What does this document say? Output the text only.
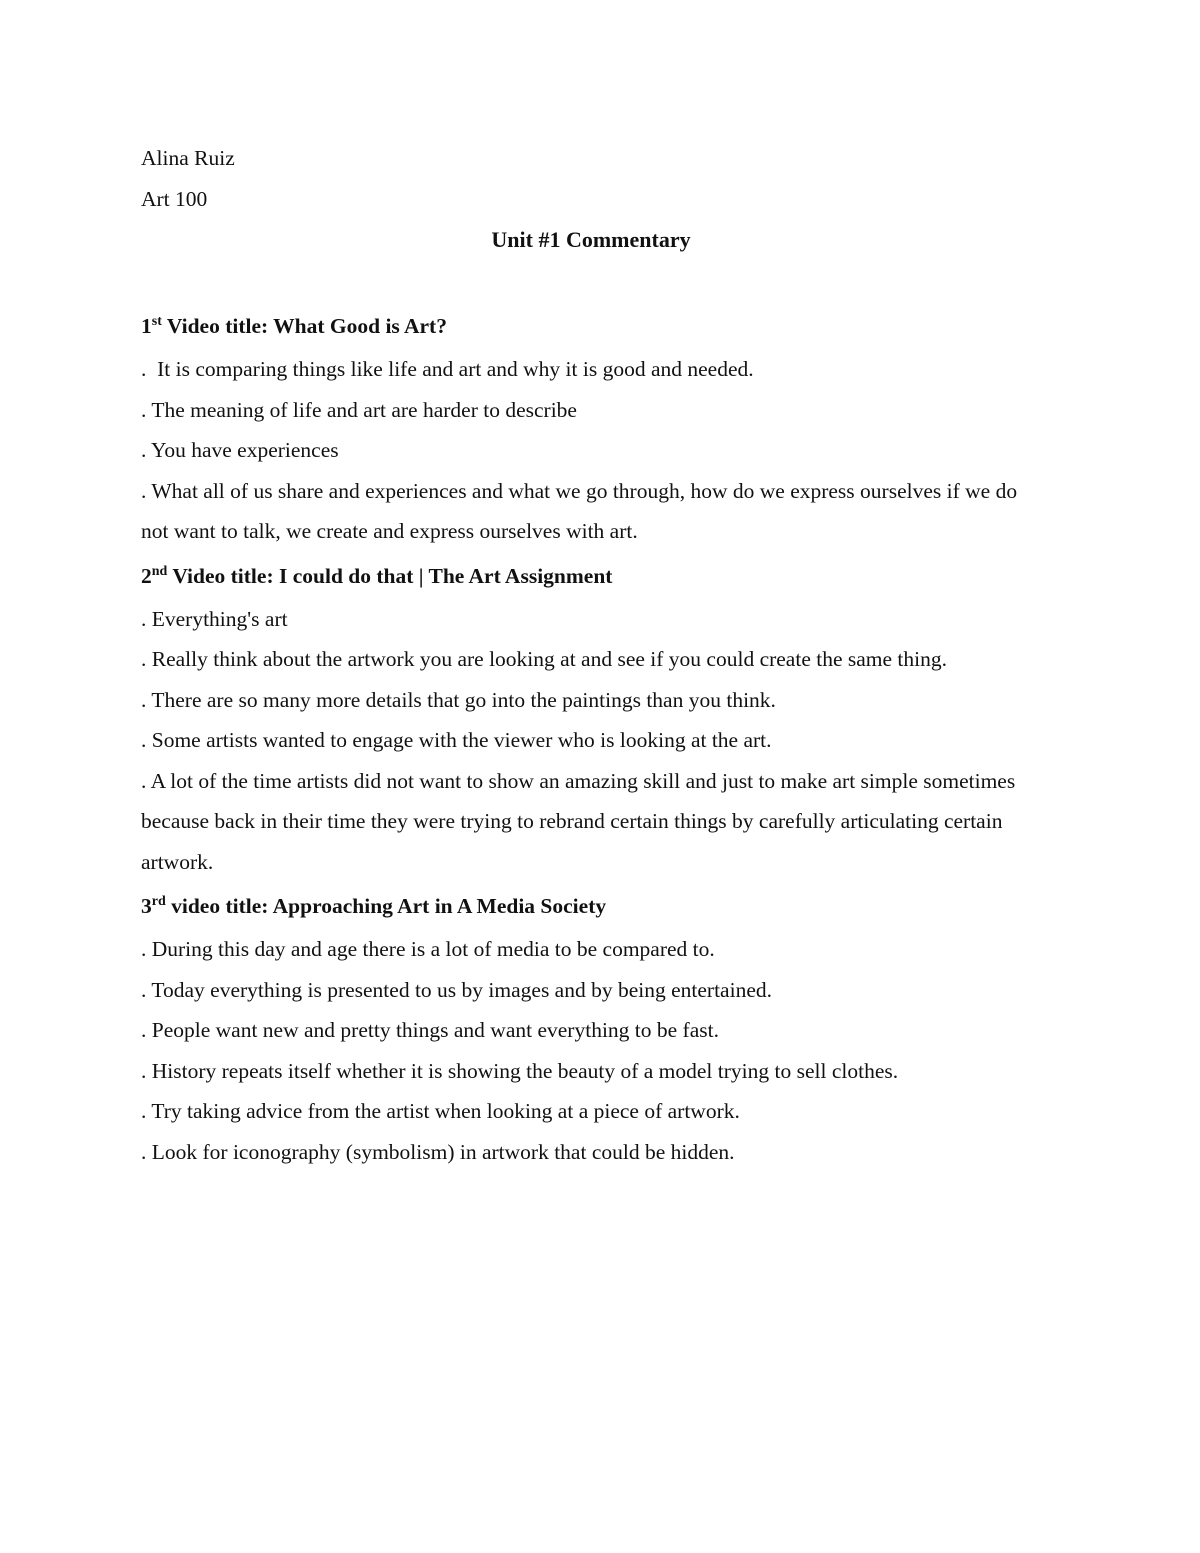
Alina Ruiz
Art 100
Unit #1 Commentary
1st Video title: What Good is Art?
.  It is comparing things like life and art and why it is good and needed.
. The meaning of life and art are harder to describe
. You have experiences
. What all of us share and experiences and what we go through, how do we express ourselves if we do not want to talk, we create and express ourselves with art.
2nd Video title: I could do that | The Art Assignment
. Everything's art
. Really think about the artwork you are looking at and see if you could create the same thing.
. There are so many more details that go into the paintings than you think.
. Some artists wanted to engage with the viewer who is looking at the art.
. A lot of the time artists did not want to show an amazing skill and just to make art simple sometimes because back in their time they were trying to rebrand certain things by carefully articulating certain artwork.
3rd video title: Approaching Art in A Media Society
. During this day and age there is a lot of media to be compared to.
. Today everything is presented to us by images and by being entertained.
. People want new and pretty things and want everything to be fast.
. History repeats itself whether it is showing the beauty of a model trying to sell clothes.
. Try taking advice from the artist when looking at a piece of artwork.
. Look for iconography (symbolism) in artwork that could be hidden.
